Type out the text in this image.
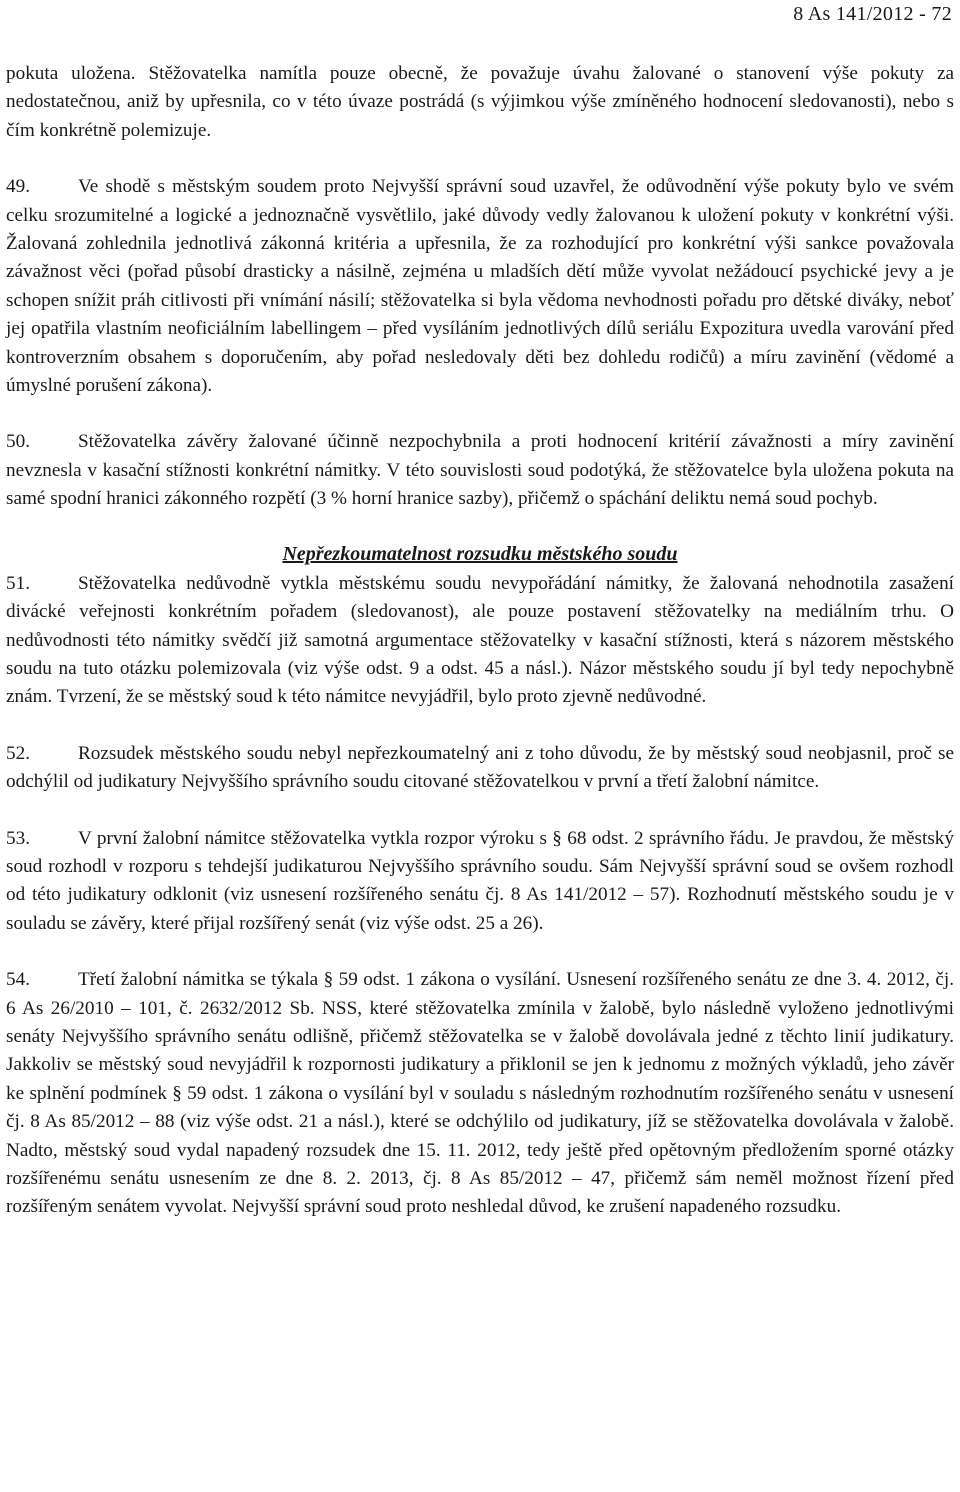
8 As 141/2012 - 72

pokuta uložena. Stěžovatelka namítla pouze obecně, že považuje úvahu žalované o stanovení výše pokuty za nedostatečnou, aniž by upřesnila, co v této úvaze postrádá (s výjimkou výše zmíněného hodnocení sledovanosti), nebo s čím konkrétně polemizuje.

49.	Ve shodě s městským soudem proto Nejvyšší správní soud uzavřel, že odůvodnění výše pokuty bylo ve svém celku srozumitelné a logické a jednoznačně vysvětlilo, jaké důvody vedly žalovanou k uložení pokuty v konkrétní výši. Žalovaná zohlednila jednotlivá zákonná kritéria a upřesnila, že za rozhodující pro konkrétní výši sankce považovala závažnost věci (pořad působí drasticky a násilně, zejména u mladších dětí může vyvolat nežádoucí psychické jevy a je schopen snížit práh citlivosti při vnímání násilí; stěžovatelka si byla vědoma nevhodnosti pořadu pro dětské diváky, neboť jej opatřila vlastním neoficiálním labellingem – před vysíláním jednotlivých dílů seriálu Expozitura uvedla varování před kontroverzním obsahem s doporučením, aby pořad nesledovaly děti bez dohledu rodičů) a míru zavinění (vědomé a úmyslné porušení zákona).

50.	Stěžovatelka závěry žalované účinně nezpochybnila a proti hodnocení kritérií závažnosti a míry zavinění nevznesla v kasační stížnosti konkrétní námitky. V této souvislosti soud podotýká, že stěžovatelce byla uložena pokuta na samé spodní hranici zákonného rozpětí (3 % horní hranice sazby), přičemž o spáchání deliktu nemá soud pochyb.

Nepřezkoumatelnost rozsudku městského soudu

51.	Stěžovatelka nedůvodně vytkla městskému soudu nevypořádání námitky, že žalovaná nehodnotila zasažení divácké veřejnosti konkrétním pořadem (sledovanost), ale pouze postavení stěžovatelky na mediálním trhu. O nedůvodnosti této námitky svědčí již samotná argumentace stěžovatelky v kasační stížnosti, která s názorem městského soudu na tuto otázku polemizovala (viz výše odst. 9 a odst. 45 a násl.). Názor městského soudu jí byl tedy nepochybně znám. Tvrzení, že se městský soud k této námitce nevyjádřil, bylo proto zjevně nedůvodné.

52.	Rozsudek městského soudu nebyl nepřezkoumatelný ani z toho důvodu, že by městský soud neobjasnil, proč se odchýlil od judikatury Nejvyššího správního soudu citované stěžovatelkou v první a třetí žalobní námitce.

53.	V první žalobní námitce stěžovatelka vytkla rozpor výroku s § 68 odst. 2 správního řádu. Je pravdou, že městský soud rozhodl v rozporu s tehdejší judikaturou Nejvyššího správního soudu. Sám Nejvyšší správní soud se ovšem rozhodl od této judikatury odklonit (viz usnesení rozšířeného senátu čj. 8 As 141/2012 – 57). Rozhodnutí městského soudu je v souladu se závěry, které přijal rozšířený senát (viz výše odst. 25 a 26).

54.	Třetí žalobní námitka se týkala § 59 odst. 1 zákona o vysílání. Usnesení rozšířeného senátu ze dne 3. 4. 2012, čj. 6 As 26/2010 – 101, č. 2632/2012 Sb. NSS, které stěžovatelka zmínila v žalobě, bylo následně vyloženo jednotlivými senáty Nejvyššího správního senátu odlišně, přičemž stěžovatelka se v žalobě dovolávala jedné z těchto linií judikatury. Jakkoliv se městský soud nevyjádřil k rozpornosti judikatury a přiklonil se jen k jednomu z možných výkladů, jeho závěr ke splnění podmínek § 59 odst. 1 zákona o vysílání byl v souladu s následným rozhodnutím rozšířeného senátu v usnesení čj. 8 As 85/2012 – 88 (viz výše odst. 21 a násl.), které se odchýlilo od judikatury, jíž se stěžovatelka dovolávala v žalobě. Nadto, městský soud vydal napadený rozsudek dne 15. 11. 2012, tedy ještě před opětovným předložením sporné otázky rozšířenému senátu usnesením ze dne 8. 2. 2013, čj. 8 As 85/2012 – 47, přičemž sám neměl možnost řízení před rozšířeným senátem vyvolat. Nejvyšší správní soud proto neshledal důvod, ke zrušení napadeného rozsudku.
